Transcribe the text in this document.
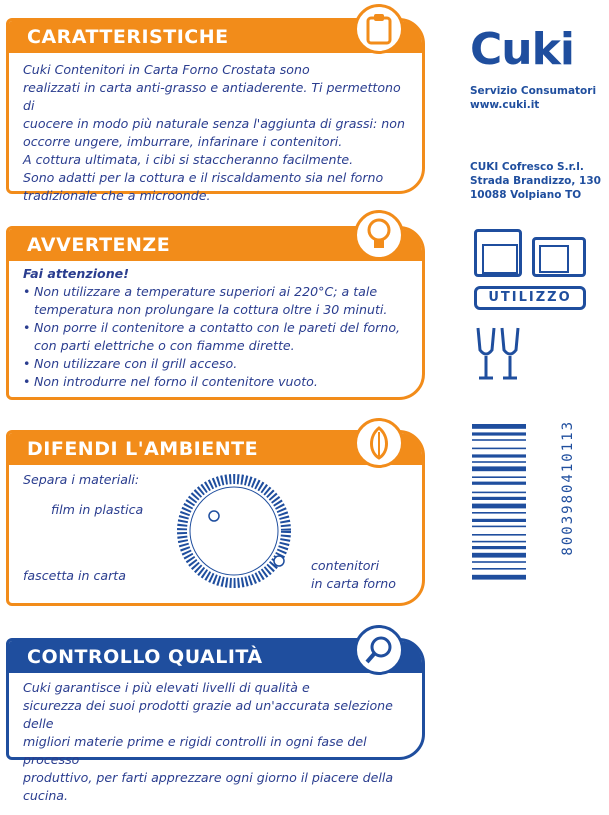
CARATTERISTICHE
Cuki Contenitori in Carta Forno Crostata sono
realizzati in carta anti-grasso e antiaderente. Ti permettono di
cuocere in modo più naturale senza l'aggiunta di grassi: non
occorre ungere, imburrare, infarinare i contenitori.
A cottura ultimata, i cibi si staccheranno facilmente.
Sono adatti per la cottura e il riscaldamento sia nel forno
tradizionale che a microonde.
AVVERTENZE
Fai attenzione!
• Non utilizzare a temperature superiori ai 220°C; a tale
temperatura non prolungare la cottura oltre i 30 minuti.
• Non porre il contenitore a contatto con le pareti del forno,
con parti elettriche o con fiamme dirette.
• Non utilizzare con il grill acceso.
• Non introdurre nel forno il contenitore vuoto.
DIFENDI L'AMBIENTE
Separa i materiali:
film in plastica
fascetta in carta
contenitori
in carta forno
CONTROLLO QUALITÀ
Cuki garantisce i più elevati livelli di qualità e
sicurezza dei suoi prodotti grazie ad un'accurata selezione delle
migliori materie prime e rigidi controlli in ogni fase del processo
produttivo, per farti apprezzare ogni giorno il piacere della cucina.
Cuki
Servizio Consumatori
www.cuki.it
CUKI Cofresco S.r.l.
Strada Brandizzo, 130
10088 Volpiano TO
UTILIZZO
8003980410113
